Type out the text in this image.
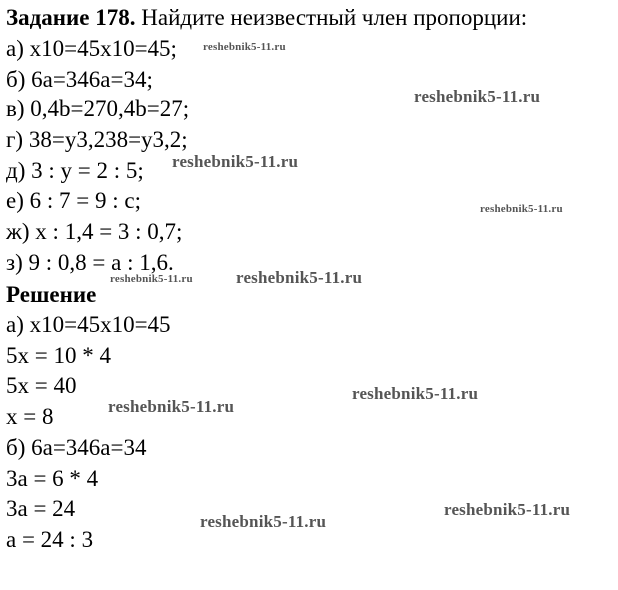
Задание 178. Найдите неизвестный член пропорции:
а) x10=45x10=45;
б) 6a=346a=34;
в) 0,4b=270,4b=27;
г) 38=y3,238=y3,2;
д) 3 : y = 2 : 5;
е) 6 : 7 = 9 : c;
ж) x : 1,4 = 3 : 0,7;
з) 9 : 0,8 = a : 1,6.
Решение
а) x10=45x10=45
5x = 10 * 4
5x = 40
x = 8
б) 6a=346a=34
3a = 6 * 4
3a = 24
a = 24 : 3
reshebnik5-11.ru
reshebnik5-11.ru
reshebnik5-11.ru
reshebnik5-11.ru
reshebnik5-11.ru	reshebnik5-11.ru
reshebnik5-11.ru
reshebnik5-11.ru
reshebnik5-11.ru
reshebnik5-11.ru
